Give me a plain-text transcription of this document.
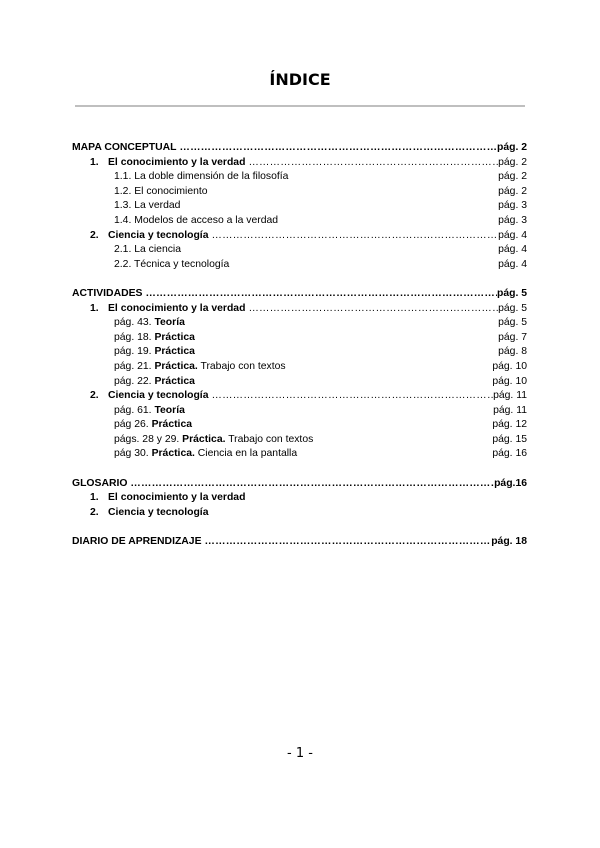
ÍNDICE
MAPA CONCEPTUAL …………………………………………………………………………………………………………………………………………………………………	pág. 2
1. El conocimiento y la verdad …………………………………………………………………………………………………………………………………………………………………	pág. 2
1.1. La doble dimensión de la filosofía	pág. 2
1.2. El conocimiento	pág. 2
1.3. La verdad	pág. 3
1.4. Modelos de acceso a la verdad	pág. 3
2. Ciencia y tecnología …………………………………………………………………………………………………………………………………………………………………	pág. 4
2.1. La ciencia	pág. 4
2.2. Técnica y tecnología	pág. 4
ACTIVIDADES …………………………………………………………………………………………………………………………………………………………………	pág. 5
1. El conocimiento y la verdad …………………………………………………………………………………………………………………………………………………………………	pág. 5
pág. 43. Teoría	pág. 5
pág. 18. Práctica	pág. 7
pág. 19. Práctica	pág. 8
pág. 21. Práctica. Trabajo con textos	pág. 10
pág. 22. Práctica	pág. 10
2. Ciencia y tecnología …………………………………………………………………………………………………………………………………………………………………	pág. 11
pág. 61. Teoría	pág. 11
pág 26. Práctica	pág. 12
págs. 28 y 29. Práctica. Trabajo con textos	pág. 15
pág 30. Práctica. Ciencia en la pantalla	pág. 16
GLOSARIO …………………………………………………………………………………………………………………………………………………………………	pág.16
1. El conocimiento y la verdad
2. Ciencia y tecnología
DIARIO DE APRENDIZAJE …………………………………………………………………………………………………………………………………………………………………	pág. 18
- 1 -
